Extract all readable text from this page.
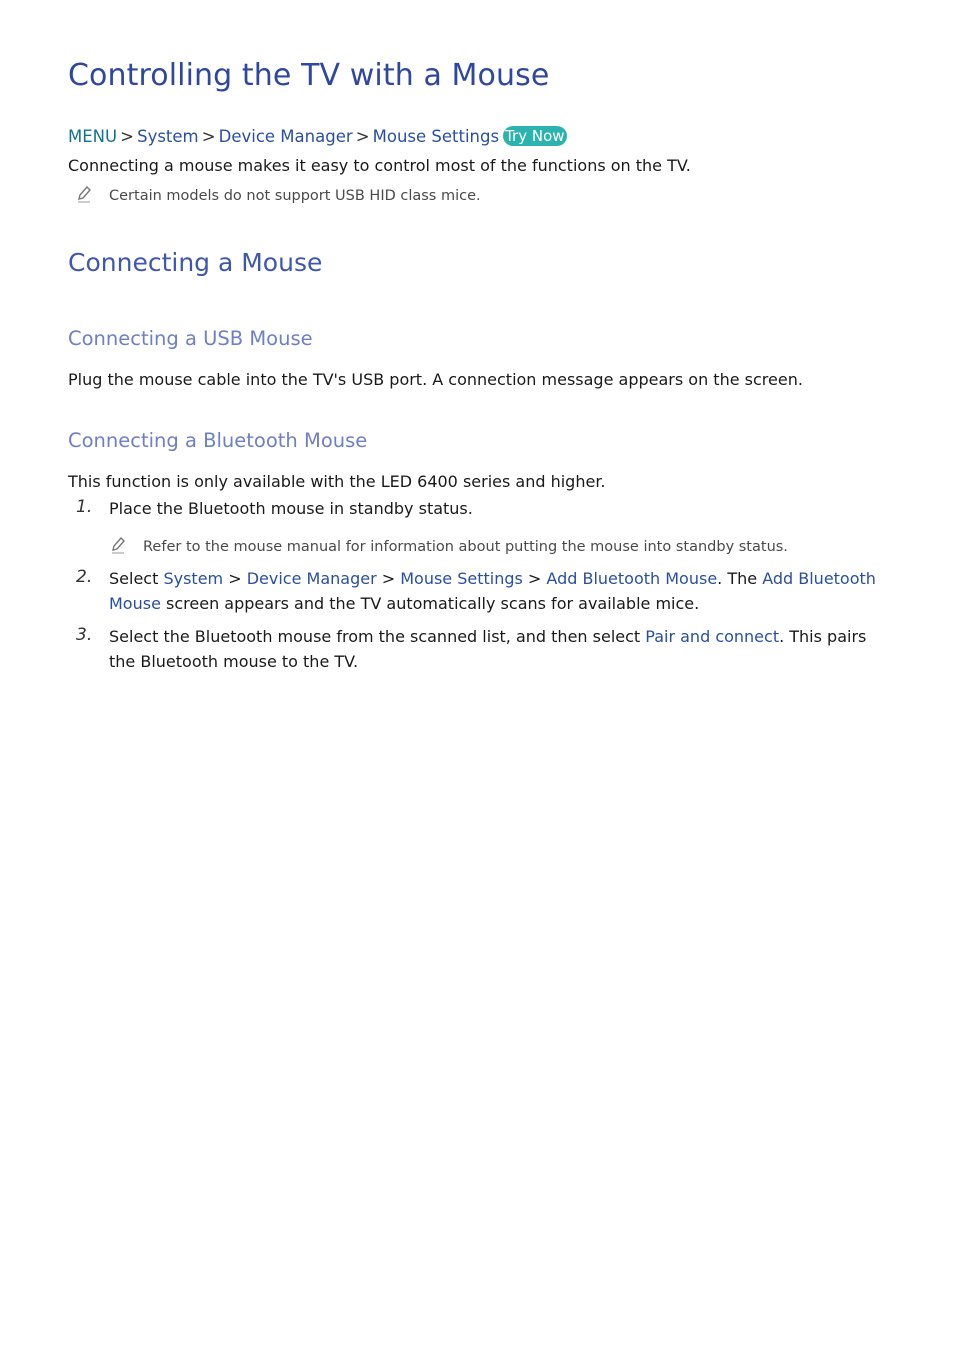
Controlling the TV with a Mouse
MENU > System > Device Manager > Mouse Settings Try Now

Connecting a mouse makes it easy to control most of the functions on the TV.

Certain models do not support USB HID class mice.
Connecting a Mouse
Connecting a USB Mouse

Plug the mouse cable into the TV's USB port. A connection message appears on the screen.

Connecting a Bluetooth Mouse

This function is only available with the LED 6400 series and higher.

1. Place the Bluetooth mouse in standby status.

Refer to the mouse manual for information about putting the mouse into standby status.
2. Select System > Device Manager > Mouse Settings > Add Bluetooth Mouse. The Add Bluetooth Mouse screen appears and the TV automatically scans for available mice.

3. Select the Bluetooth mouse from the scanned list, and then select Pair and connect. This pairs the Bluetooth mouse to the TV.
